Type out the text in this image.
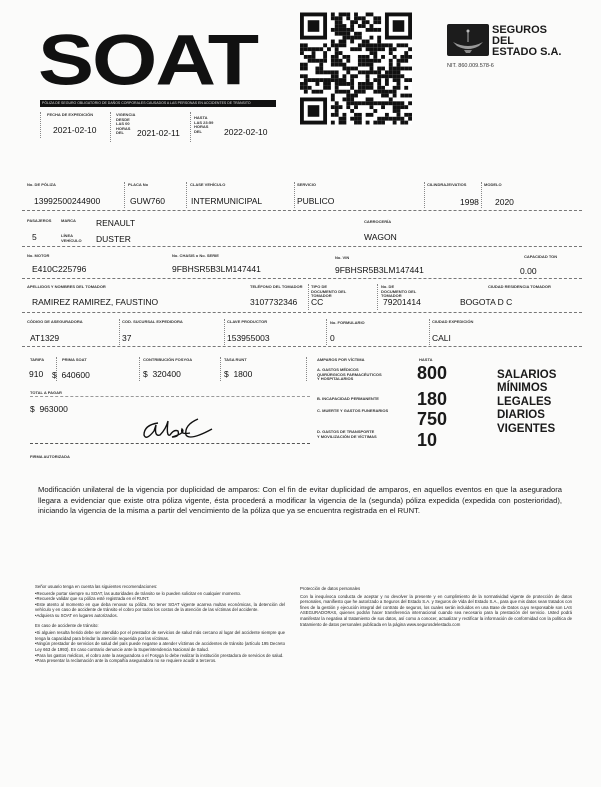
SOAT
PÓLIZA DE SEGURO OBLIGATORIO DE DAÑOS CORPORALES CAUSADOS A LAS PERSONAS EN ACCIDENTES DE TRÁNSITO
FECHA DE EXPEDICIÓN
2021-02-10
VIGENCIA DESDE LAS 00 HORAS DEL	2021-02-11
HASTA LAS 23:59 HORAS DEL	2022-02-10
SEGUROS
DEL
ESTADO S.A.
NIT. 860.009.578-6
No. DE PÓLIZA
13992500244900
PLACA No
GUW760
CLASE VEHÍCULO
INTERMUNICIPAL
SERVICIO
PUBLICO
CILINDRAJE/VATIOS
1998
MODELO
2020
PASAJEROS
5
MARCA RENAULT
LÍNEA VEHÍCULO DUSTER
CARROCERÍA
WAGON
No. MOTOR
E410C225796
No. CHASIS o No. SERIE
9FBHSR5B3LM147441
No. VIN
9FBHSR5B3LM147441
CAPACIDAD TON
0.00
APELLIDOS Y NOMBRES DEL TOMADOR
RAMIREZ RAMIREZ, FAUSTINO
TELÉFONO DEL TOMADOR
3107732346
TIPO DE DOCUMENTO DEL TOMADOR
CC
No. DE DOCUMENTO DEL TOMADOR
79201414
CIUDAD RESIDENCIA TOMADOR
BOGOTA D C
CÓDIGO DE ASEGURADORA
AT1329
COD. SUCURSAL EXPEDIDORA
37
CLAVE PRODUCTOR
153955003
No. FORMULARIO
0
CIUDAD EXPEDICIÓN
CALI
TARIFA
910
PRIMA SOAT
$  640600
CONTRIBUCIÓN FOSYGA
$  320400
TASA RUNT
$  1800
TOTAL A PAGAR
$  963000
FIRMA AUTORIZADA
AMPAROS POR VÍCTIMA	HASTA
A. GASTOS MÉDICOS QUIRÚRGICOS FARMACÉUTICOS Y HOSPITALARIOS	800
B. INCAPACIDAD PERMANENTE 180
C. MUERTE Y GASTOS FUNERARIOS 750
D. GASTOS DE TRANSPORTE Y MOVILIZACIÓN DE VÍCTIMAS 10
SALARIOS
MÍNIMOS
LEGALES
DIARIOS
VIGENTES
Modificación unilateral de la vigencia por duplicidad de amparos: Con el fin de evitar duplicidad de amparos, en aquellos eventos en que la aseguradora llegara a evidenciar que existe otra póliza vigente, ésta procederá a modificar la vigencia de la (segunda) póliza expedida (expedida con posterioridad), iniciando la vigencia de la misma a partir del vencimiento de la póliza que ya se encuentra registrada en el RUNT.
Señor usuario tenga en cuenta las siguientes recomendaciones:
•Recuerde portar siempre su SOAT, las autoridades de tránsito se lo pueden solicitar en cualquier momento.
•Recuerde validar que su póliza esté registrada en el RUNT.
•Este atento al momento en que deba renovar su póliza. No tener SOAT vigente acarrea multas económicas, la detención del vehículo y en caso de accidente de tránsito el cobro por todos los costos de la atención de las víctimas del accidente.
•Adquiera su SOAT en lugares autorizados.
En caso de accidente de tránsito:
•Si alguien resulta herido debe ser atendido por el prestador de servicios de salud más cercano al lugar del accidente siempre que tenga la capacidad para brindar la atención requerida por las víctimas.
•Ningún prestador de servicios de salud del país puede negarse a atender víctimas de accidentes de tránsito (artículo 195 Decreto Ley 663 de 1993). En caso contrario denuncie ante la Superintendencia Nacional de Salud.
•Para los gastos médicos, el cobro ante la aseguradora o el Fosyga lo debe realizar la institución prestadora de servicios de salud.
•Para presentar la reclamación ante la compañía aseguradora no se requiere acudir a terceros.
Protección de datos personales
Con la inequívoca conducta de aceptar y no devolver la presente y en cumplimiento de la normatividad vigente de protección de datos personales, manifiesto que he autorizado a Seguros del Estado S.A. y Seguros de Vida del Estado S.A., para que mis datos sean tratados con fines de la gestión y ejecución integral del contrato de seguros, los cuales serán incluidos en una Base de Datos cuyo responsable son LAS ASEGURADORAS, quienes podrán hacer transferencia internacional cuando sea necesario para la prestación del servicio. Usted podrá manifestar la negativa al tratamiento de sus datos, así como a conocer, actualizar y rectificar la información de conformidad con la política de tratamiento de datos personales publicada en la página www.segurosdelestado.com
